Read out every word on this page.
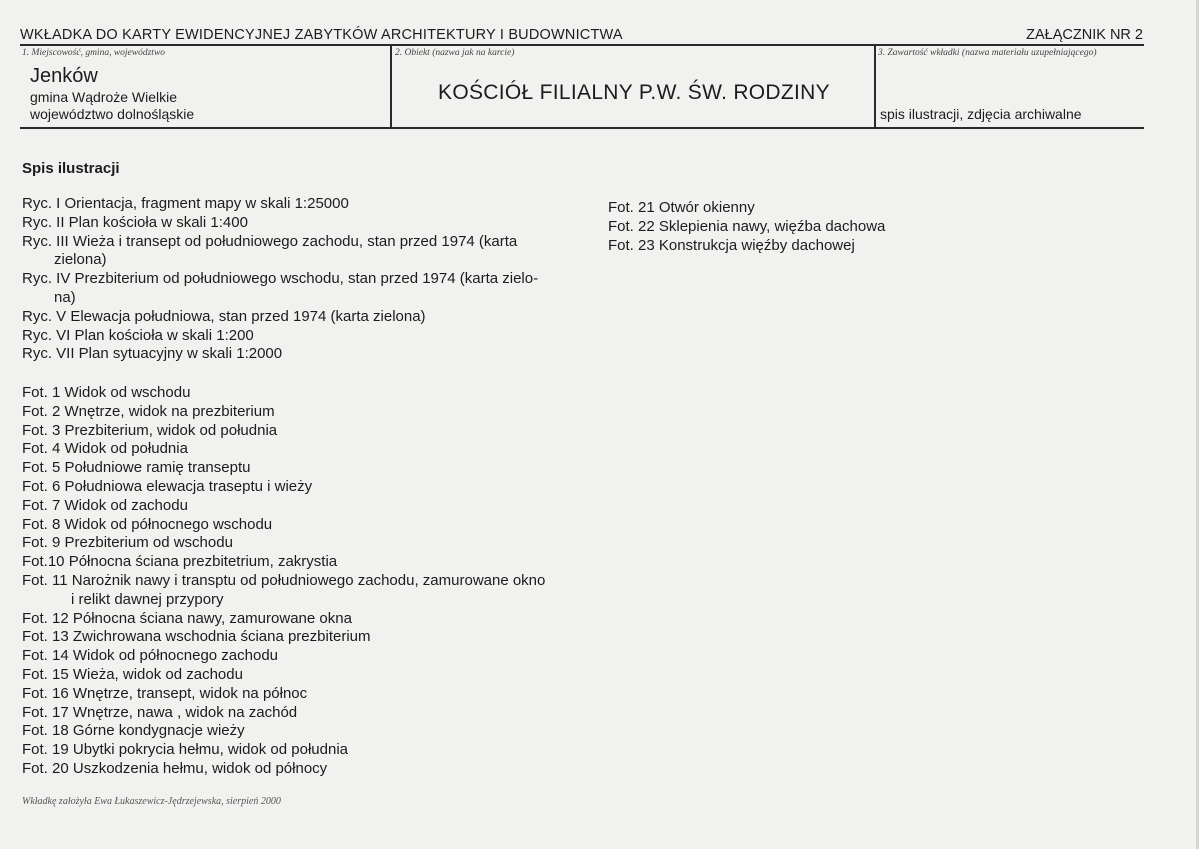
WKŁADKA DO KARTY EWIDENCYJNEJ ZABYTKÓW ARCHITEKTURY I BUDOWNICTWA	ZAŁĄCZNIK NR 2
1. Miejscowość, gmina, województwo
Jenków
gmina Wądroże Wielkie
województwo dolnośląskie
2. Obiekt (nazwa jak na karcie)
KOŚCIÓŁ FILIALNY P.W. ŚW. RODZINY
3. Zawartość wkładki (nazwa materiału uzupełniającego)
spis ilustracji, zdjęcia archiwalne
Spis ilustracji
Ryc. I Orientacja, fragment mapy w skali 1:25000
Ryc. II Plan kościoła w skali 1:400
Ryc. III Wieża i transept od południowego zachodu, stan przed 1974 (karta
zielona)
Ryc. IV Prezbiterium od południowego wschodu, stan przed 1974 (karta zielo-
na)
Ryc. V Elewacja południowa, stan przed 1974 (karta zielona)
Ryc. VI Plan kościoła w skali 1:200
Ryc. VII Plan sytuacyjny w skali 1:2000
Fot. 1 Widok od wschodu
Fot. 2 Wnętrze, widok na prezbiterium
Fot. 3 Prezbiterium, widok od południa
Fot. 4 Widok od południa
Fot. 5 Południowe ramię transeptu
Fot. 6 Południowa elewacja traseptu i wieży
Fot. 7 Widok od zachodu
Fot. 8 Widok od północnego wschodu
Fot. 9 Prezbiterium od wschodu
Fot.10 Północna ściana prezbitetrium, zakrystia
Fot. 11 Narożnik nawy i transptu od południowego zachodu, zamurowane okno
i relikt dawnej przypory
Fot. 12 Północna ściana nawy, zamurowane okna
Fot. 13 Zwichrowana wschodnia ściana prezbiterium
Fot. 14 Widok od północnego zachodu
Fot. 15 Wieża, widok od zachodu
Fot. 16 Wnętrze, transept, widok na północ
Fot. 17 Wnętrze, nawa , widok na zachód
Fot. 18 Górne kondygnacje wieży
Fot. 19 Ubytki pokrycia hełmu, widok od południa
Fot. 20 Uszkodzenia hełmu, widok od północy
Fot. 21 Otwór okienny
Fot. 22 Sklepienia nawy, więźba dachowa
Fot. 23 Konstrukcja więźby dachowej
Wkładkę założyła Ewa Łukaszewicz-Jędrzejewska, sierpień 2000
